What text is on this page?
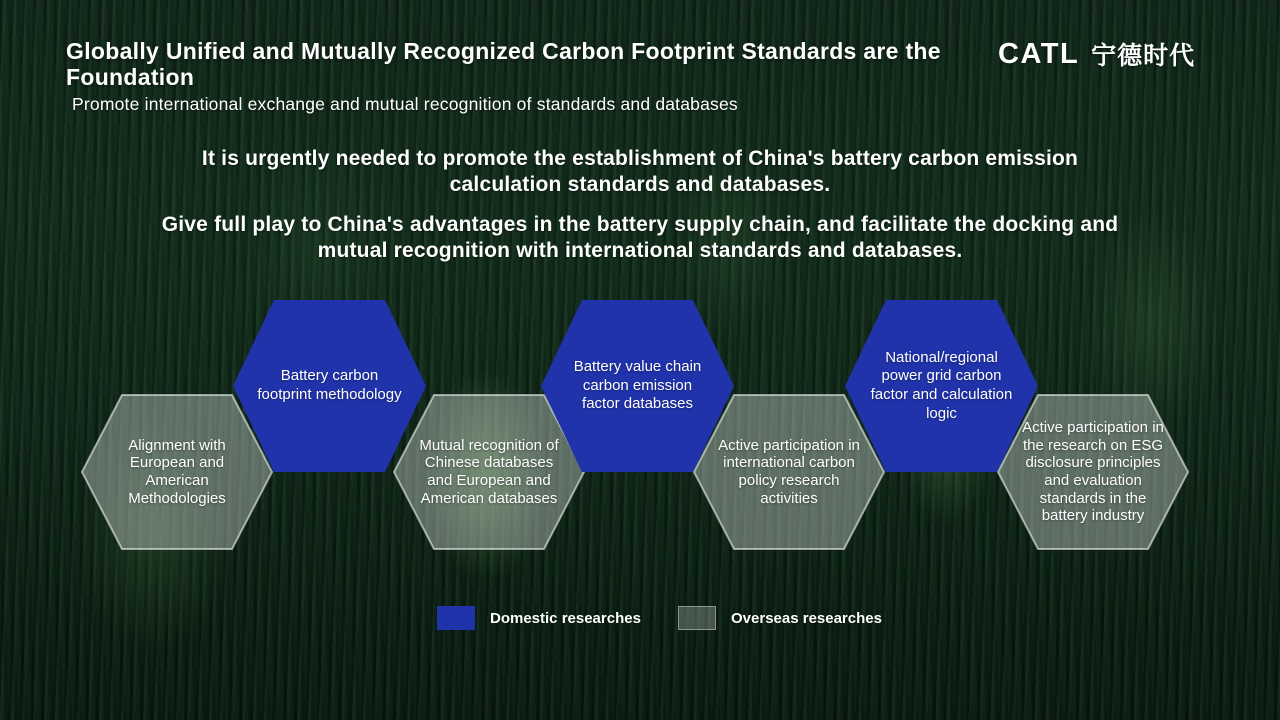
Globally Unified and Mutually Recognized Carbon Footprint Standards are the Foundation
Promote international exchange and mutual recognition of standards and databases
CATL 宁德时代
It is urgently needed to promote the establishment of China's battery carbon emission calculation standards and databases.
Give full play to China's advantages in the battery supply chain, and facilitate the docking and mutual recognition with international standards and databases.
Alignment with European and American Methodologies
Battery carbon footprint methodology
Mutual recognition of Chinese databases and European and American databases
Battery value chain carbon emission factor databases
Active participation in international carbon policy research activities
National/regional power grid carbon factor and calculation logic
Active participation in the research on ESG disclosure principles and evaluation standards in the battery industry
Domestic researches	Overseas researches
